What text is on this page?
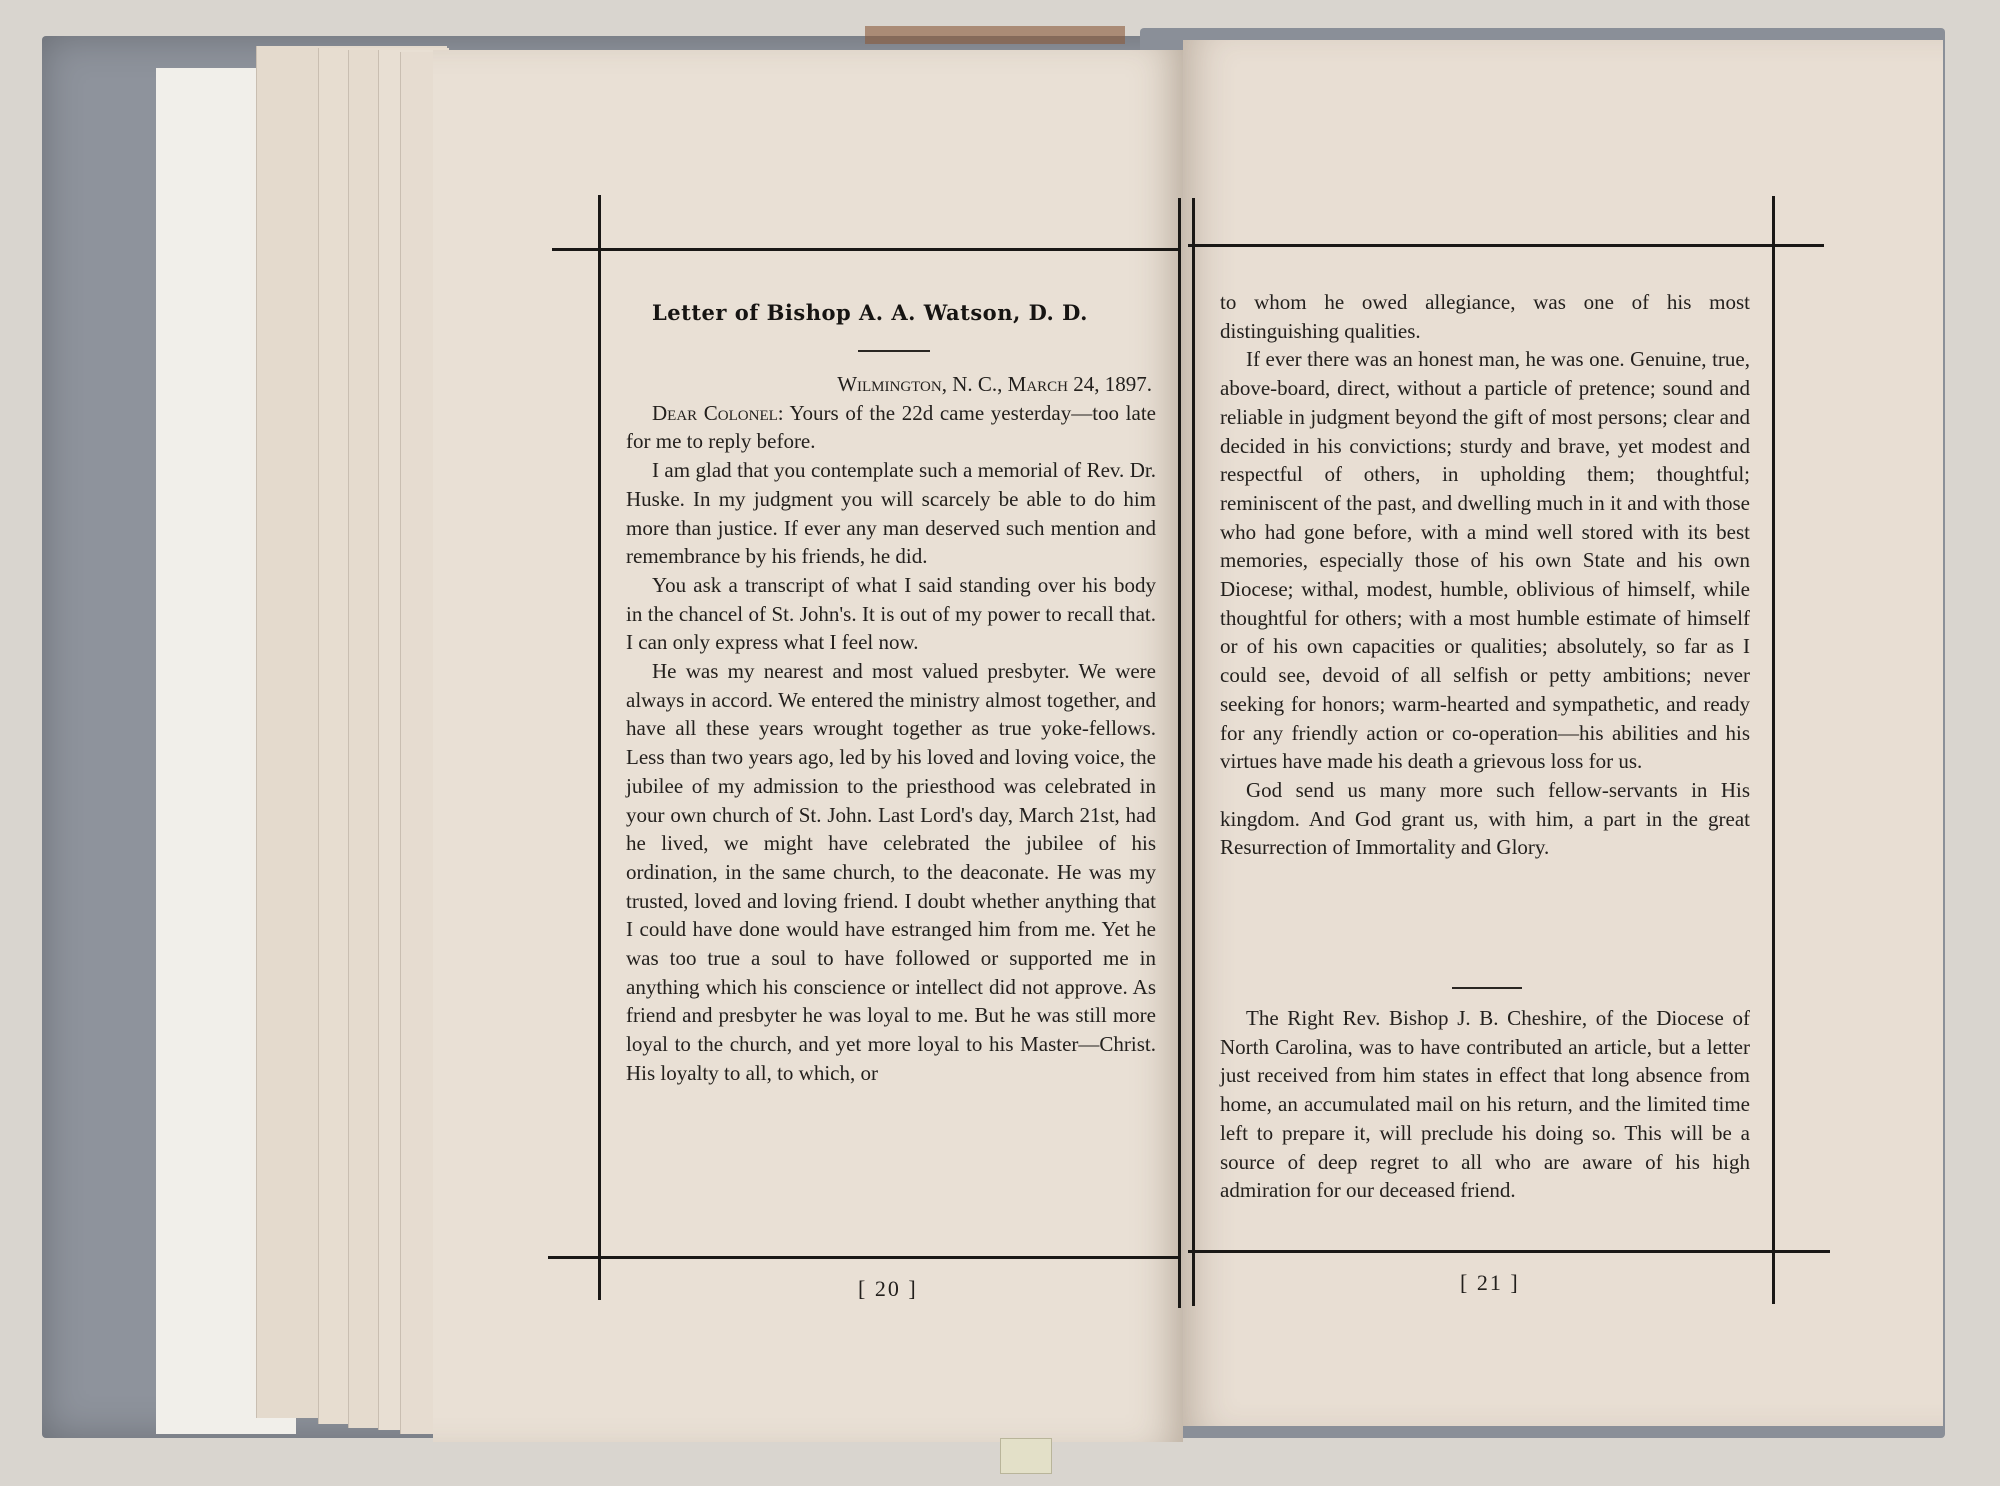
Letter of Bishop A. A. Watson, D. D.

Wilmington, N. C., March 24, 1897.

Dear Colonel: Yours of the 22d came yesterday—too late for me to reply before.

I am glad that you contemplate such a memorial of Rev. Dr. Huske. In my judgment you will scarcely be able to do him more than justice. If ever any man deserved such mention and remembrance by his friends, he did.

You ask a transcript of what I said standing over his body in the chancel of St. John's. It is out of my power to recall that. I can only express what I feel now.

He was my nearest and most valued presbyter. We were always in accord. We entered the ministry almost together, and have all these years wrought together as true yoke-fellows. Less than two years ago, led by his loved and loving voice, the jubilee of my admission to the priesthood was celebrated in your own church of St. John. Last Lord's day, March 21st, had he lived, we might have celebrated the jubilee of his ordination, in the same church, to the deaconate. He was my trusted, loved and loving friend. I doubt whether anything that I could have done would have estranged him from me. Yet he was too true a soul to have followed or supported me in anything which his conscience or intellect did not approve. As friend and presbyter he was loyal to me. But he was still more loyal to the church, and yet more loyal to his Master—Christ. His loyalty to all, to which, or

to whom he owed allegiance, was one of his most distinguishing qualities.

If ever there was an honest man, he was one. Genuine, true, above-board, direct, without a particle of pretence; sound and reliable in judgment beyond the gift of most persons; clear and decided in his convictions; sturdy and brave, yet modest and respectful of others, in upholding them; thoughtful; reminiscent of the past, and dwelling much in it and with those who had gone before, with a mind well stored with its best memories, especially those of his own State and his own Diocese; withal, modest, humble, oblivious of himself, while thoughtful for others; with a most humble estimate of himself or of his own capacities or qualities; absolutely, so far as I could see, devoid of all selfish or petty ambitions; never seeking for honors; warm-hearted and sympathetic, and ready for any friendly action or co-operation—his abilities and his virtues have made his death a grievous loss for us.

God send us many more such fellow-servants in His kingdom. And God grant us, with him, a part in the great Resurrection of Immortality and Glory.

The Right Rev. Bishop J. B. Cheshire, of the Diocese of North Carolina, was to have contributed an article, but a letter just received from him states in effect that long absence from home, an accumulated mail on his return, and the limited time left to prepare it, will preclude his doing so. This will be a source of deep regret to all who are aware of his high admiration for our deceased friend.

[ 20 ]	[ 21 ]
